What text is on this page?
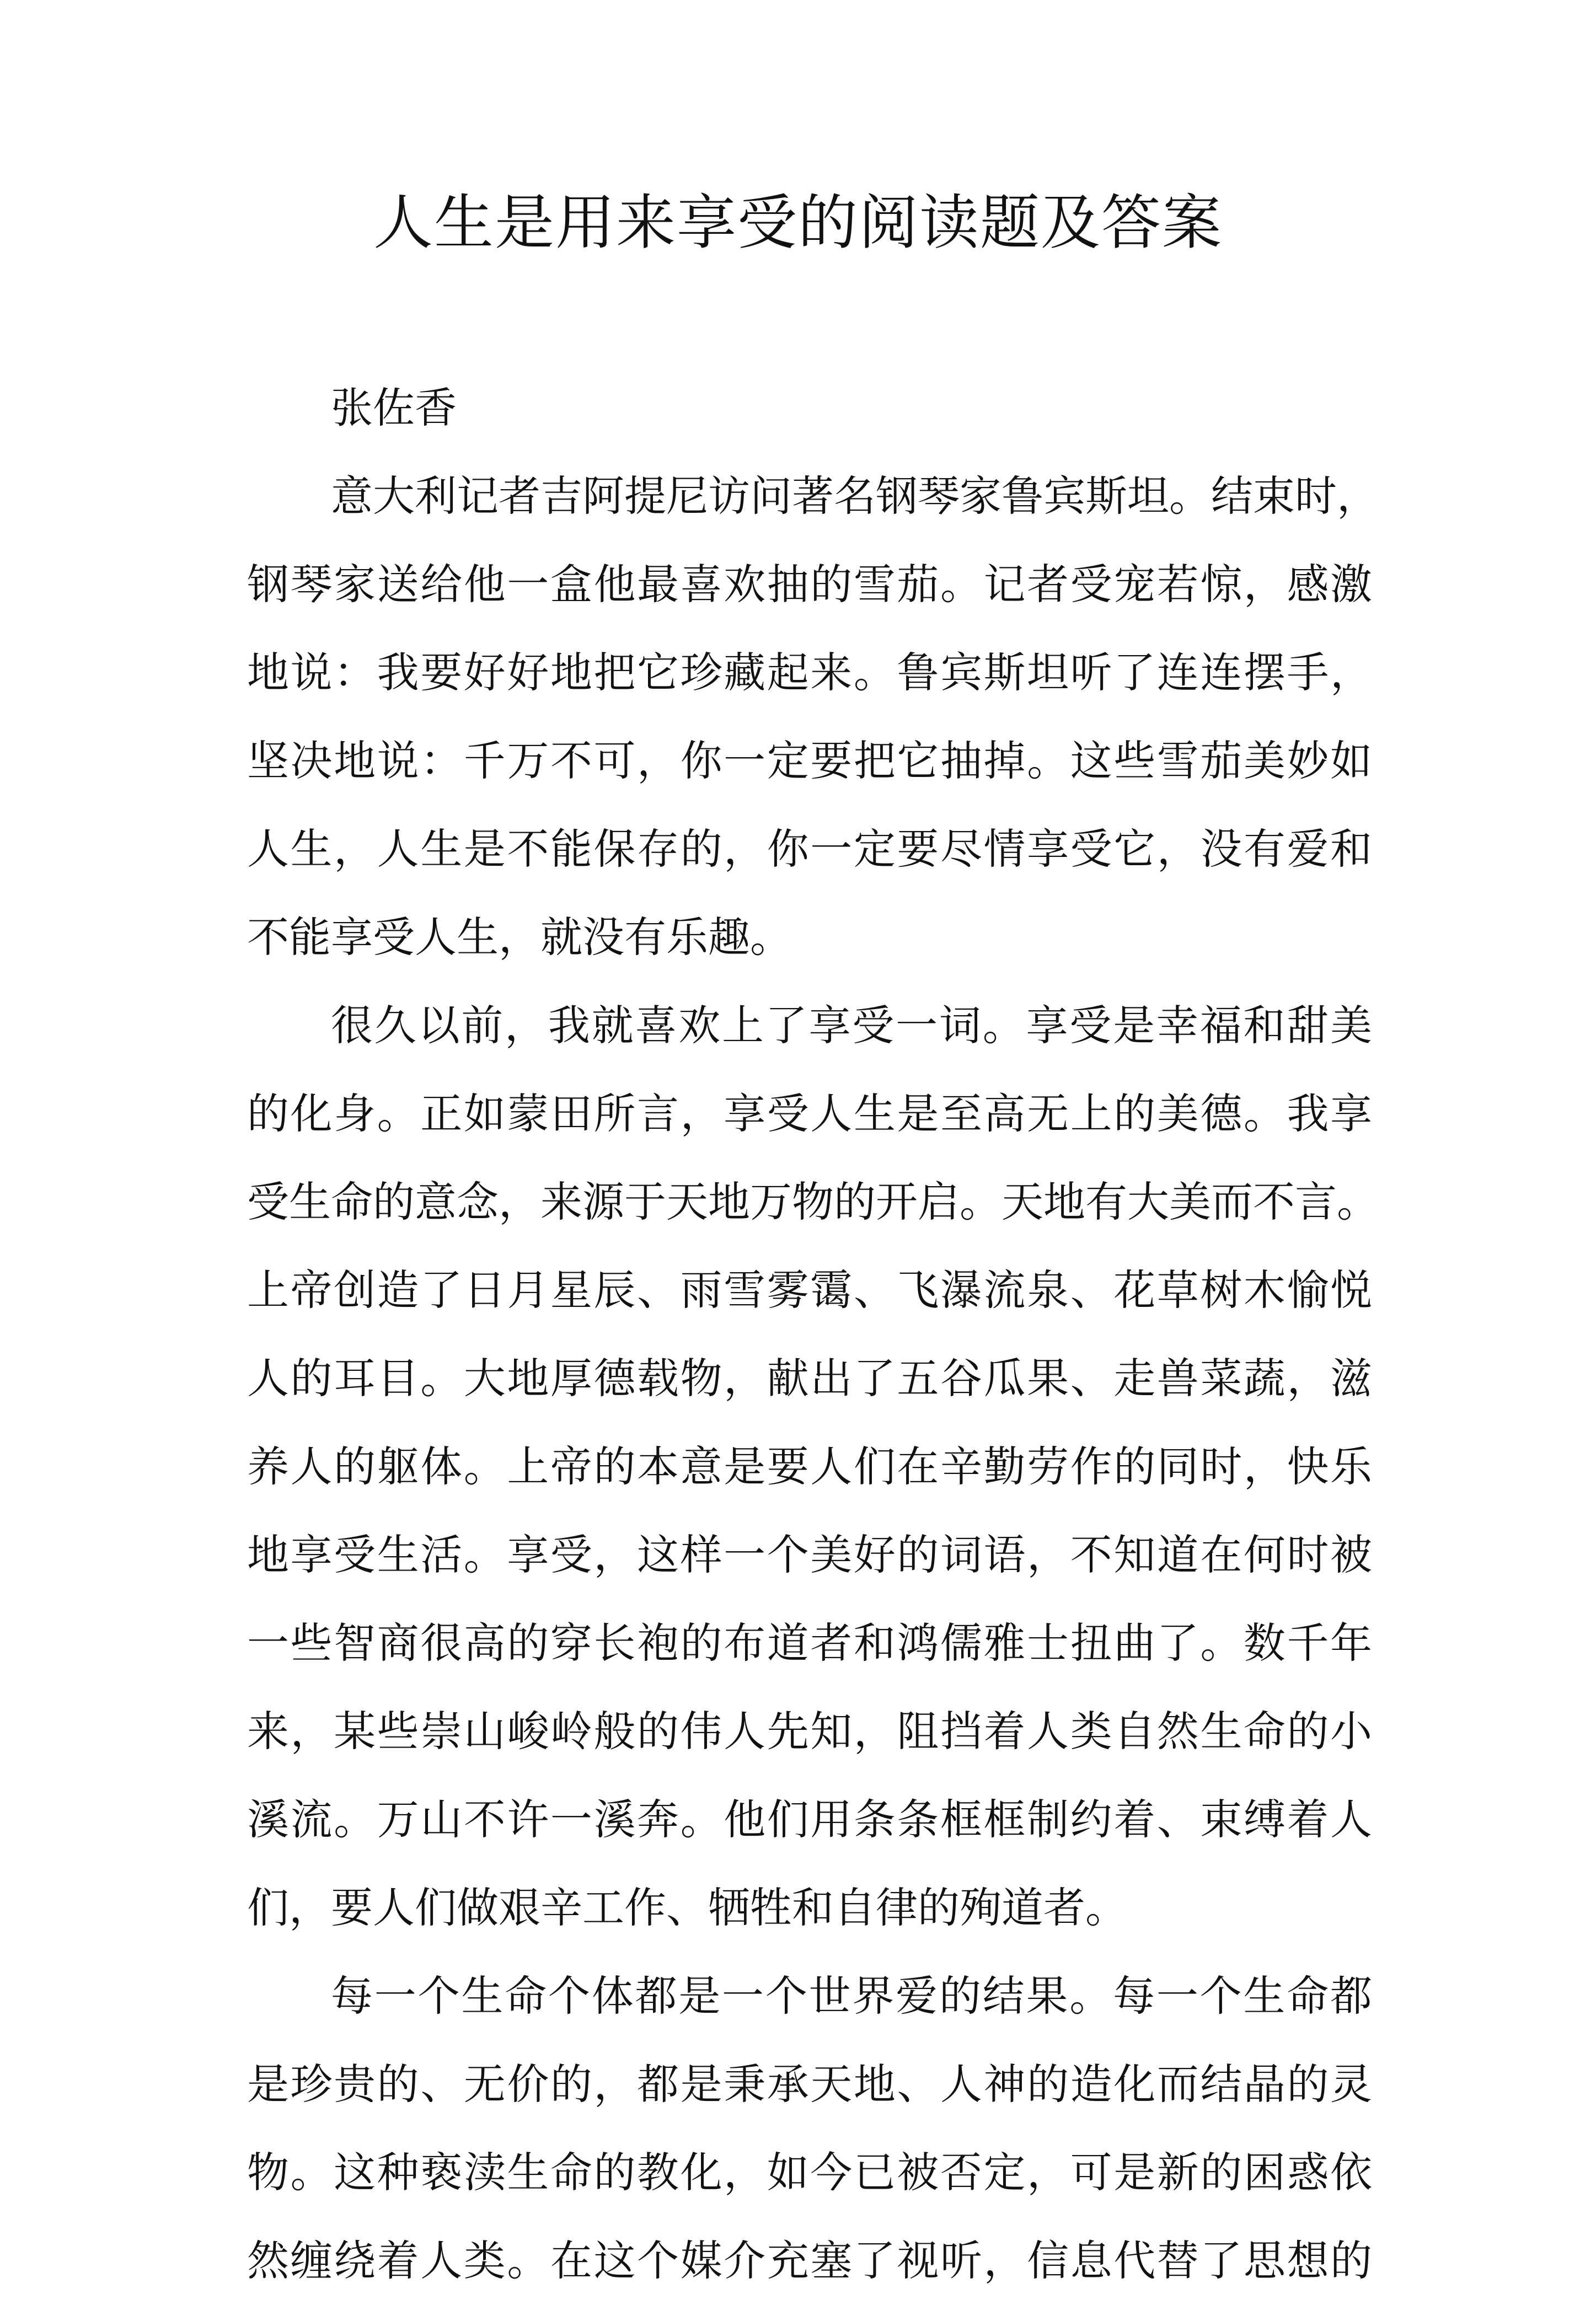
人生是用来享受的阅读题及答案

张佐香

意大利记者吉阿提尼访问著名钢琴家鲁宾斯坦。结束时，
钢琴家送给他一盒他最喜欢抽的雪茄。记者受宠若惊，感激
地说：我要好好地把它珍藏起来。鲁宾斯坦听了连连摆手，
坚决地说：千万不可，你一定要把它抽掉。这些雪茄美妙如
人生，人生是不能保存的，你一定要尽情享受它，没有爱和
不能享受人生，就没有乐趣。

很久以前，我就喜欢上了享受一词。享受是幸福和甜美
的化身。正如蒙田所言，享受人生是至高无上的美德。我享
受生命的意念，来源于天地万物的开启。天地有大美而不言。
上帝创造了日月星辰、雨雪雾霭、飞瀑流泉、花草树木愉悦
人的耳目。大地厚德载物，献出了五谷瓜果、走兽菜蔬，滋
养人的躯体。上帝的本意是要人们在辛勤劳作的同时，快乐
地享受生活。享受，这样一个美好的词语，不知道在何时被
一些智商很高的穿长袍的布道者和鸿儒雅士扭曲了。数千年
来，某些崇山峻岭般的伟人先知，阻挡着人类自然生命的小
溪流。万山不许一溪奔。他们用条条框框制约着、束缚着人
们，要人们做艰辛工作、牺牲和自律的殉道者。

每一个生命个体都是一个世界爱的结果。每一个生命都
是珍贵的、无价的，都是秉承天地、人神的造化而结晶的灵
物。这种亵渎生命的教化，如今已被否定，可是新的困惑依
然缠绕着人类。在这个媒介充塞了视听，信息代替了思想的
